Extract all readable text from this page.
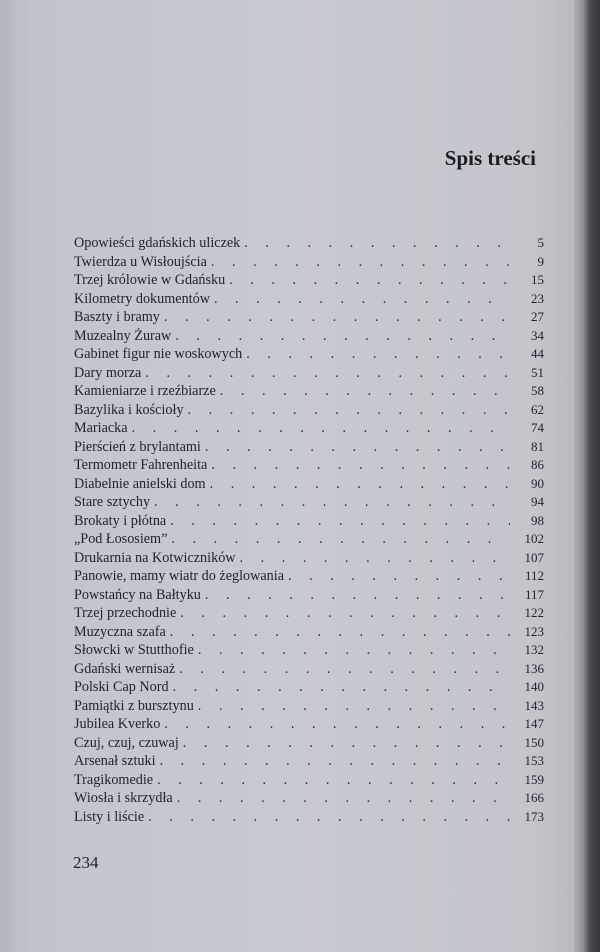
Spis treści
Opowieści gdańskich uliczek . . .	5
Twierdza u Wisłoujścia . . .	9
Trzej królowie w Gdańsku . . .	15
Kilometry dokumentów . . .	23
Baszty i bramy . . .	27
Muzealny Żuraw . . .	34
Gabinet figur nie woskowych . . .	44
Dary morza . . .	51
Kamieniarze i rzeźbiarze . . .	58
Bazylika i kościoły . . .	62
Mariacka . . .	74
Pierścień z brylantami . . .	81
Termometr Fahrenheita . . .	86
Diabelnie anielski dom . . .	90
Stare sztychy . . .	94
Brokaty i płótna . . .	98
„Pod Łososiem” . . .	102
Drukarnia na Kotwiczników . . .	107
Panowie, mamy wiatr do żeglowania . . .	112
Powstańcy na Bałtyku . . .	117
Trzej przechodnie . . .	122
Muzyczna szafa . . .	123
Słowcki w Stutthofie . . .	132
Gdański wernisaż . . .	136
Polski Cap Nord . . .	140
Pamiątki z bursztynu . . .	143
Jubilea Kverko . . .	147
Czuj, czuj, czuwaj . . .	150
Arsenał sztuki . . .	153
Tragikomedie . . .	159
Wiosła i skrzydła . . .	166
Listy i liście . . .	173

234
